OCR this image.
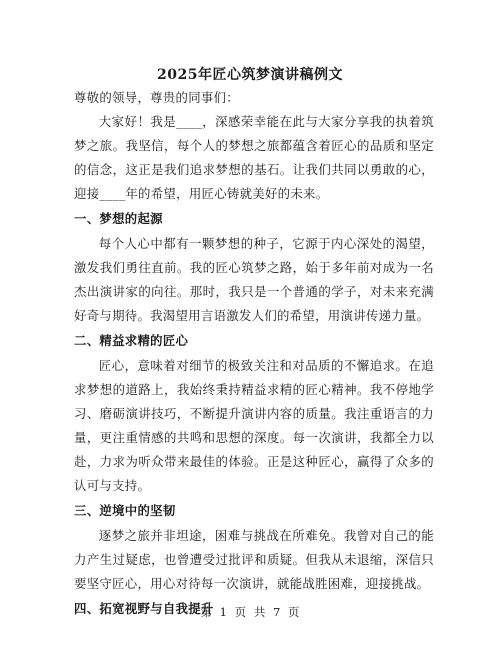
2025年匠心筑梦演讲稿例文

尊敬的领导，尊贵的同事们：

大家好！我是____，深感荣幸能在此与大家分享我的执着筑梦之旅。我坚信，每个人的梦想之旅都蕴含着匠心的品质和坚定的信念，这正是我们追求梦想的基石。让我们共同以勇敢的心，迎接____年的希望，用匠心铸就美好的未来。

一、梦想的起源

每个人心中都有一颗梦想的种子，它源于内心深处的渴望，激发我们勇往直前。我的匠心筑梦之路，始于多年前对成为一名杰出演讲家的向往。那时，我只是一个普通的学子，对未来充满好奇与期待。我渴望用言语激发人们的希望，用演讲传递力量。

二、精益求精的匠心

匠心，意味着对细节的极致关注和对品质的不懈追求。在追求梦想的道路上，我始终秉持精益求精的匠心精神。我不停地学习、磨砺演讲技巧，不断提升演讲内容的质量。我注重语言的力量，更注重情感的共鸣和思想的深度。每一次演讲，我都全力以赴，力求为听众带来最佳的体验。正是这种匠心，赢得了众多的认可与支持。

三、逆境中的坚韧

逐梦之旅并非坦途，困难与挑战在所难免。我曾对自己的能力产生过疑虑，也曾遭受过批评和质疑。但我从未退缩，深信只要坚守匠心，用心对待每一次演讲，就能战胜困难，迎接挑战。

四、拓宽视野与自我提升

第 1 页 共 7 页
